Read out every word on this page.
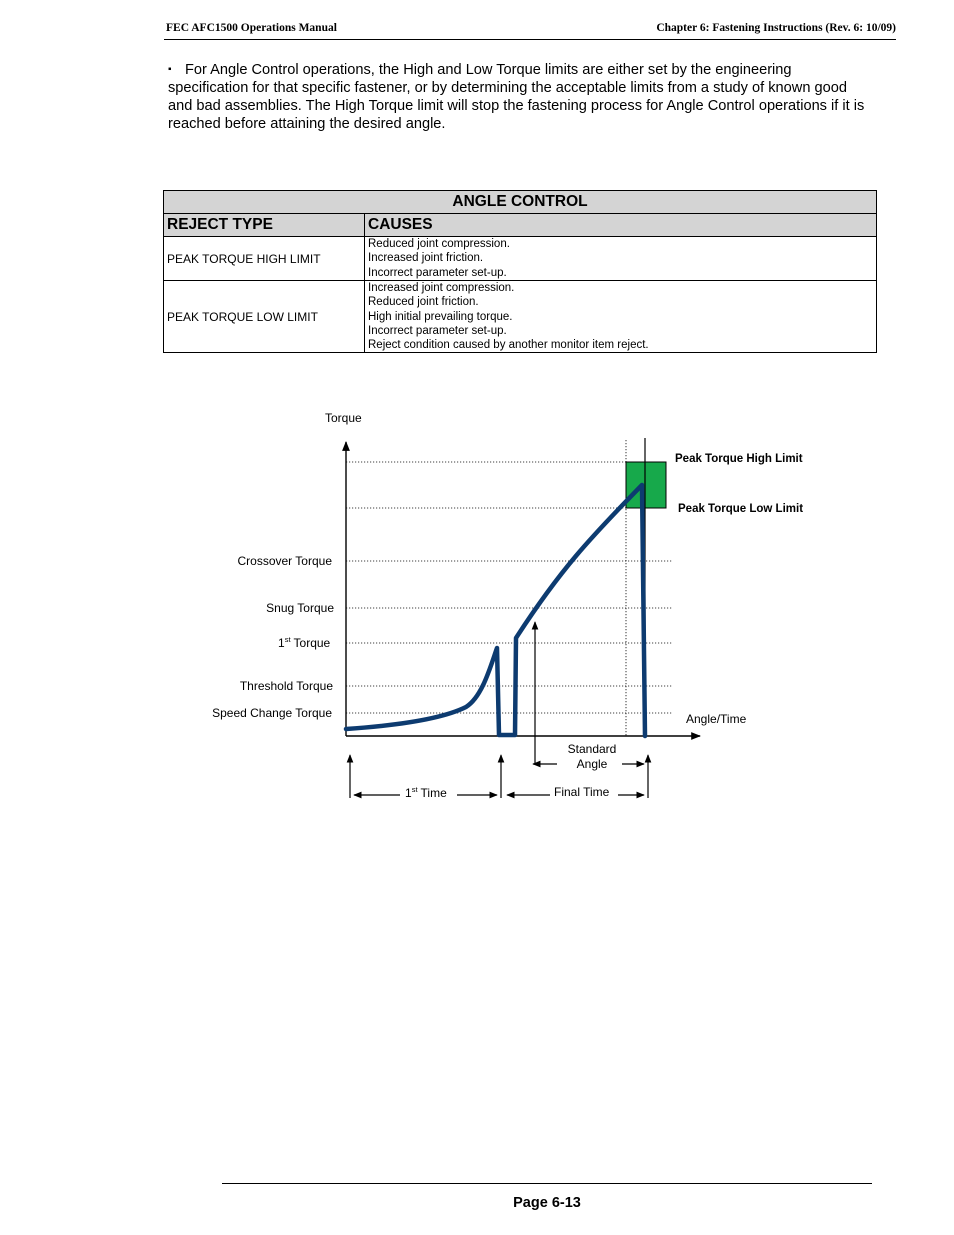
FEC AFC1500 Operations Manual	Chapter 6: Fastening Instructions (Rev. 6: 10/09)
▪ For Angle Control operations, the High and Low Torque limits are either set by the engineering specification for that specific fastener, or by determining the acceptable limits from a study of known good and bad assemblies. The High Torque limit will stop the fastening process for Angle Control operations if it is reached before attaining the desired angle.

ANGLE CONTROL	
REJECT TYPE	CAUSES
PEAK TORQUE HIGH LIMIT	Reduced joint compression.
Increased joint friction.
Incorrect parameter set-up.

PEAK TORQUE LOW LIMIT	Increased joint compression.
Reduced joint friction.
High initial prevailing torque.
Incorrect parameter set-up.
Reject condition caused by another monitor item reject.
Torque
Angle/Time
Peak Torque High Limit
Peak Torque Low Limit
Crossover Torque
Snug Torque
1st Torque
Threshold Torque
Speed Change Torque
Standard
Angle
1st Time	Final Time
Page 6-13
